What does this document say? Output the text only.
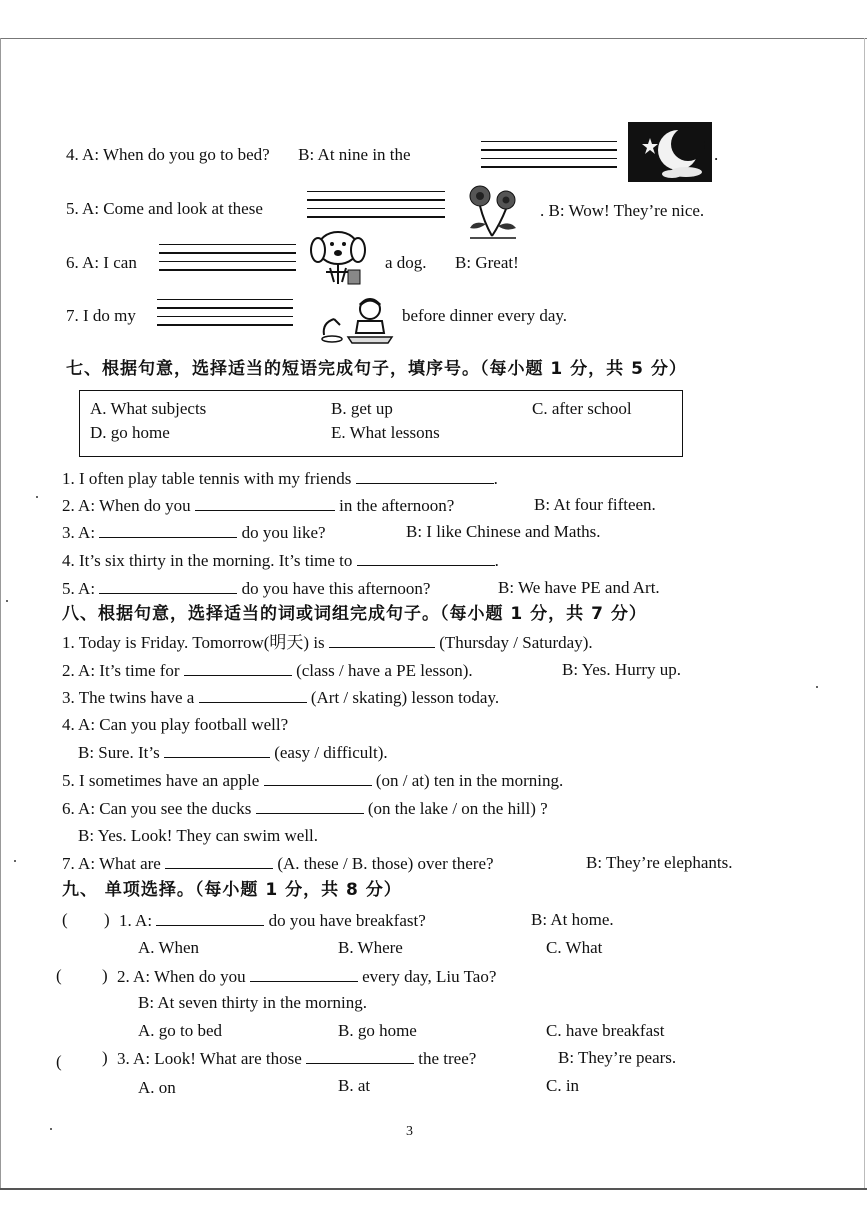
4. A: When do you go to bed? B: At nine in the	.
5. A: Come and look at these	. B: Wow! They’re nice.
6. A: I can	a dog. B: Great!
7. I do my	before dinner every day.
七、根据句意，选择适当的短语完成句子，填序号。（每小题 1 分，共 5 分）
A. What subjects	B. get up	C. after school
D. go home	E. What lessons
1. I often play table tennis with my friends	.
2. A: When do you	in the afternoon?	B: At four fifteen.
3. A:	do you like?	B: I like Chinese and Maths.
4. It’s six thirty in the morning. It’s time to	.
5. A:	do you have this afternoon?	B: We have PE and Art.
八、根据句意，选择适当的词或词组完成句子。（每小题 1 分，共 7 分）
1. Today is Friday. Tomorrow(明天) is	(Thursday / Saturday).
2. A: It’s time for	(class / have a PE lesson).	B: Yes. Hurry up.
3. The twins have a	(Art / skating) lesson today.
4. A: Can you play football well?
B: Sure. It’s	(easy / difficult).
5. I sometimes have an apple	(on / at) ten in the morning.
6. A: Can you see the ducks	(on the lake / on the hill) ?
B: Yes. Look! They can swim well.
7. A: What are	(A. these / B. those) over there?	B: They’re elephants.
九、 单项选择。（每小题 1 分，共 8 分）
( ) 1. A:	do you have breakfast?	B: At home.
A. When	B. Where	C. What
( ) 2. A: When do you	every day, Liu Tao?
B: At seven thirty in the morning.
A. go to bed	B. go home	C. have breakfast
( ) 3. A: Look! What are those	the tree?	B: They’re pears.
A. on	B. at	C. in
3
